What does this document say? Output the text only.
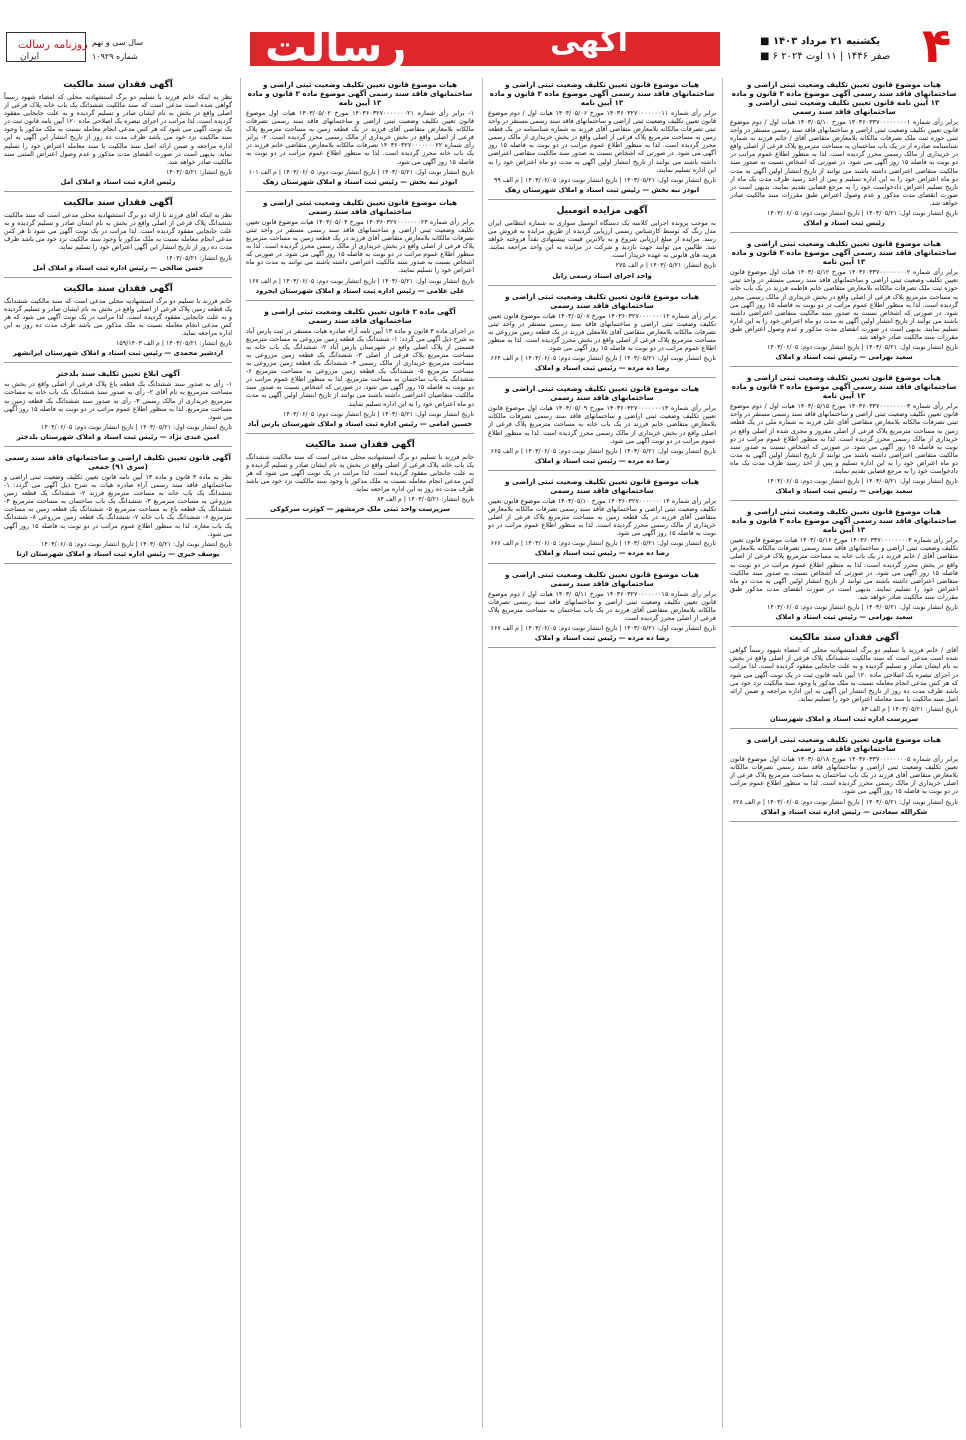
روزنامه رسالت
ایران
سال سی و نهم
شماره ۱۰۹۲۹	رسالت	آگهی	■ یکشنبه ۲۱ مرداد ۱۴۰۳
■ ۶ صفر ۱۴۴۶ | ۱۱ اوت ۲۰۲۴ ۴
هیات موضوع قانون تعیین تکلیف وضعیت ثبتی اراضی و ساختمانهای فاقد سند رسمی آگهی موضوع ماده ۳ قانون و ماده ۱۳ آیین نامه قانون تعیین تکلیف وضعیت ثبتی اراضی و ساختمانهای فاقد سند رسمی
برابر رأی شماره ۱۴۰۳۶۰۳۳۷۰۰۰۰۰۰۰۰۱ مورخ ۱۴۰۳/۰۵/۱۰ هیات اول / دوم موضوع قانون تعیین تکلیف وضعیت ثبتی اراضی و ساختمانهای فاقد سند رسمی مستقر در واحد ثبتی حوزه ثبت ملک تصرفات مالکانه بلامعارض متقاضی آقای / خانم فرزند به شماره شناسنامه صادره از در یک باب ساختمان به مساحت مترمربع پلاک فرعی از اصلی واقع در خریداری از مالک رسمی محرز گردیده است. لذا به منظور اطلاع عموم مراتب در دو نوبت به فاصله ۱۵ روز آگهی می شود. در صورتی که اشخاص نسبت به صدور سند مالکیت متقاضی اعتراضی داشته باشند می توانند از تاریخ انتشار اولین آگهی به مدت دو ماه اعتراض خود را به این اداره تسلیم و پس از اخذ رسید ظرف مدت یک ماه از تاریخ تسلیم اعتراض دادخواست خود را به مرجع قضایی تقدیم نمایند. بدیهی است در صورت انقضای مدت مذکور و عدم وصول اعتراض طبق مقررات سند مالکیت صادر خواهد شد.
تاریخ انتشار نوبت اول: ۱۴۰۳/۰۵/۲۱ | تاریخ انتشار نوبت دوم: ۱۴۰۳/۰۶/۰۵
رئیس ثبت اسناد و املاک
هیات موضوع قانون تعیین تکلیف وضعیت ثبتی اراضی و ساختمانهای فاقد سند رسمی آگهی موضوع ماده ۳ قانون و ماده ۱۳ آیین نامه
برابر رأی شماره ۱۴۰۳۶۰۳۳۷۰۰۰۰۰۰۰۰۲ مورخ ۱۴۰۳/۰۵/۱۲ هیات اول موضوع قانون تعیین تکلیف وضعیت ثبتی اراضی و ساختمانهای فاقد سند رسمی مستقر در واحد ثبتی حوزه ثبت ملک تصرفات مالکانه بلامعارض متقاضی خانم فاطمه فرزند در یک باب خانه به مساحت مترمربع پلاک فرعی از اصلی واقع در بخش خریداری از مالک رسمی محرز گردیده است. لذا به منظور اطلاع عموم مراتب در دو نوبت به فاصله ۱۵ روز آگهی می شود. در صورتی که اشخاص نسبت به صدور سند مالکیت متقاضی اعتراضی داشته باشند می توانند از تاریخ انتشار اولین آگهی به مدت دو ماه اعتراض خود را به این اداره تسلیم نمایند. بدیهی است در صورت انقضای مدت مذکور و عدم وصول اعتراض طبق مقررات سند مالکیت صادر خواهد شد.
تاریخ انتشار نوبت اول: ۱۴۰۳/۰۵/۲۱ | تاریخ انتشار نوبت دوم: ۱۴۰۳/۰۶/۰۵
سعید بهرامی — رئیس ثبت اسناد و املاک
هیات موضوع قانون تعیین تکلیف وضعیت ثبتی اراضی و ساختمانهای فاقد سند رسمی آگهی موضوع ماده ۳ قانون و ماده ۱۳ آیین نامه
برابر رأی شماره ۱۴۰۳۶۰۳۳۷۰۰۰۰۰۰۰۰۳ مورخ ۱۴۰۳/۰۵/۱۵ هیات اول / دوم موضوع قانون تعیین تکلیف وضعیت ثبتی اراضی و ساختمانهای فاقد سند رسمی مستقر در واحد ثبتی تصرفات مالکانه بلامعارض متقاضی آقای علی فرزند به شماره ملی در یک قطعه زمین به مساحت مترمربع پلاک فرعی از اصلی مفروز و مجزی شده از اصلی واقع در خریداری از مالک رسمی محرز گردیده است. لذا به منظور اطلاع عموم مراتب در دو نوبت به فاصله ۱۵ روز آگهی می شود. در صورتی که اشخاص نسبت به صدور سند مالکیت متقاضی اعتراضی داشته باشند می توانند از تاریخ انتشار اولین آگهی به مدت دو ماه اعتراض خود را به این اداره تسلیم و پس از اخذ رسید ظرف مدت یک ماه دادخواست خود را به مرجع قضایی تقدیم نمایند.
تاریخ انتشار نوبت اول: ۱۴۰۳/۰۵/۲۱ | تاریخ انتشار نوبت دوم: ۱۴۰۳/۰۶/۰۵
سعید بهرامی — رئیس ثبت اسناد و املاک
هیات موضوع قانون تعیین تکلیف وضعیت ثبتی اراضی و ساختمانهای فاقد سند رسمی آگهی موضوع ماده ۳ قانون و ماده ۱۳ آیین نامه
برابر رأی شماره ۱۴۰۳۶۰۳۳۷۰۰۰۰۰۰۰۰۴ مورخ ۱۴۰۳/۰۵/۱۶ هیات موضوع قانون تعیین تکلیف وضعیت ثبتی اراضی و ساختمانهای فاقد سند رسمی تصرفات مالکانه بلامعارض متقاضی آقای / خانم فرزند در یک باب خانه به مساحت مترمربع پلاک فرعی از اصلی واقع در بخش محرز گردیده است. لذا به منظور اطلاع عموم مراتب در دو نوبت به فاصله ۱۵ روز آگهی می شود. در صورتی که اشخاص نسبت به صدور سند مالکیت متقاضی اعتراضی داشته باشند می توانند از تاریخ انتشار اولین آگهی به مدت دو ماه اعتراض خود را تسلیم نمایند. بدیهی است در صورت انقضای مدت مذکور طبق مقررات سند مالکیت صادر خواهد شد.
تاریخ انتشار نوبت اول: ۱۴۰۳/۰۵/۲۱ | تاریخ انتشار نوبت دوم: ۱۴۰۳/۰۶/۰۵
سعید بهرامی — رئیس ثبت اسناد و املاک
آگهی فقدان سند مالکیت
آقای / خانم فرزند با تسلیم دو برگ استشهادیه محلی که امضاء شهود رسماً گواهی شده است مدعی است که سند مالکیت ششدانگ پلاک فرعی از اصلی واقع در بخش به نام ایشان صادر و تسلیم گردیده و به علت جابجایی مفقود گردیده است. لذا مراتب در اجرای تبصره یک اصلاحی ماده ۱۲۰ آیین نامه قانون ثبت در یک نوبت آگهی می شود که هر کس مدعی انجام معامله نسبت به ملک مذکور یا وجود سند مالکیت نزد خود می باشد ظرف مدت ده روز از تاریخ انتشار این آگهی به این اداره مراجعه و ضمن ارائه اصل سند مالکیت یا سند معامله اعتراض خود را تسلیم نماید.
تاریخ انتشار: ۱۴۰۳/۰۵/۲۱ | م الف ۸۳
سرپرست اداره ثبت اسناد و املاک شهرستان
هیات موضوع قانون تعیین تکلیف وضعیت ثبتی اراضی و ساختمانهای فاقد سند رسمی
برابر رأی شماره ۱۴۰۳۶۰۳۳۷۰۰۰۰۰۰۰۰۵ مورخ ۱۴۰۳/۰۵/۱۸ هیات اول موضوع قانون تعیین تکلیف وضعیت ثبتی اراضی و ساختمانهای فاقد سند رسمی تصرفات مالکانه بلامعارض متقاضی آقای فرزند در یک باب ساختمان به مساحت مترمربع پلاک فرعی از اصلی خریداری از مالک رسمی محرز گردیده است. لذا به منظور اطلاع عموم مراتب در دو نوبت به فاصله ۱۵ روز آگهی می شود.
تاریخ انتشار نوبت اول: ۱۴۰۳/۰۵/۲۱ | تاریخ انتشار نوبت دوم: ۱۴۰۳/۰۶/۰۵ | م الف ۶۲۸
شکرالله سعادتی — رئیس اداره ثبت اسناد و املاک
هیات موضوع قانون تعیین تکلیف وضعیت ثبتی اراضی و ساختمانهای فاقد سند رسمی آگهی موضوع ماده ۳ قانون و ماده ۱۳ آیین نامه
برابر رأی شماره ۱۴۰۳۶۰۳۲۷۰۰۰۰۰۰۰۱۱ مورخ ۱۴۰۳/۰۵/۰۶ هیات اول / دوم موضوع قانون تعیین تکلیف وضعیت ثبتی اراضی و ساختمانهای فاقد سند رسمی مستقر در واحد ثبتی تصرفات مالکانه بلامعارض متقاضی آقای فرزند به شماره شناسنامه در یک قطعه زمین به مساحت مترمربع پلاک فرعی از اصلی واقع در بخش خریداری از مالک رسمی محرز گردیده است. لذا به منظور اطلاع عموم مراتب در دو نوبت به فاصله ۱۵ روز آگهی می شود. در صورتی که اشخاص نسبت به صدور سند مالکیت متقاضی اعتراضی داشته باشند می توانند از تاریخ انتشار اولین آگهی به مدت دو ماه اعتراض خود را به این اداره تسلیم نمایند.
تاریخ انتشار نوبت اول: ۱۴۰۳/۰۵/۲۱ | تاریخ انتشار نوبت دوم: ۱۴۰۳/۰۶/۰۵ | م الف ۹۹
ابوذر نبه بخش — رئیس ثبت اسناد و املاک شهرستان زهک
آگهی مزایده اتومبیل
به موجب پرونده اجرایی کلاسه یک دستگاه اتومبیل سواری به شماره انتظامی ایران مدل رنگ که توسط کارشناس رسمی ارزیابی گردیده از طریق مزایده به فروش می رسد. مزایده از مبلغ ارزیابی شروع و به بالاترین قیمت پیشنهادی نقداً فروخته خواهد شد. طالبین می توانند جهت بازدید و شرکت در مزایده به این واحد مراجعه نمایند. هزینه های قانونی به عهده خریدار است.
تاریخ انتشار: ۱۴۰۳/۰۵/۲۱ | م الف ۲۷۵
واحد اجرای اسناد رسمی زابل
هیات موضوع قانون تعیین تکلیف وضعیت ثبتی اراضی و ساختمانهای فاقد سند رسمی
برابر رأی شماره ۱۴۰۳۶۰۳۲۷۰۰۰۰۰۰۰۱۲ مورخ ۱۴۰۳/۰۵/۰۸ هیات موضوع قانون تعیین تکلیف وضعیت ثبتی اراضی و ساختمانهای فاقد سند رسمی مستقر در واحد ثبتی تصرفات مالکانه بلامعارض متقاضی آقای غلامعلی فرزند در یک قطعه زمین مزروعی به مساحت مترمربع پلاک فرعی از اصلی واقع در بخش محرز گردیده است. لذا به منظور اطلاع عموم مراتب در دو نوبت به فاصله ۱۵ روز آگهی می شود.
تاریخ انتشار نوبت اول: ۱۴۰۳/۰۵/۲۱ | تاریخ انتشار نوبت دوم: ۱۴۰۳/۰۶/۰۵ | م الف ۶۶۴
رضا ده مرده — رئیس ثبت اسناد و املاک
هیات موضوع قانون تعیین تکلیف وضعیت ثبتی اراضی و ساختمانهای فاقد سند رسمی
برابر رأی شماره ۱۴۰۳۶۰۳۲۷۰۰۰۰۰۰۰۱۳ مورخ ۱۴۰۳/۰۵/۰۹ هیات اول موضوع قانون تعیین تکلیف وضعیت ثبتی اراضی و ساختمانهای فاقد سند رسمی تصرفات مالکانه بلامعارض متقاضی خانم فرزند در یک باب خانه به مساحت مترمربع پلاک فرعی از اصلی واقع در بخش خریداری از مالک رسمی محرز گردیده است. لذا به منظور اطلاع عموم مراتب در دو نوبت آگهی می شود.
تاریخ انتشار نوبت اول: ۱۴۰۳/۰۵/۲۱ | تاریخ انتشار نوبت دوم: ۱۴۰۳/۰۶/۰۵ | م الف ۶۶۵
رضا ده مرده — رئیس ثبت اسناد و املاک
هیات موضوع قانون تعیین تکلیف وضعیت ثبتی اراضی و ساختمانهای فاقد سند رسمی
برابر رأی شماره ۱۴۰۳۶۰۳۲۷۰۰۰۰۰۰۰۱۴ مورخ ۱۴۰۳/۰۵/۱۰ هیات موضوع قانون تعیین تکلیف وضعیت ثبتی اراضی و ساختمانهای فاقد سند رسمی تصرفات مالکانه بلامعارض متقاضی آقای فرزند در یک قطعه زمین به مساحت مترمربع پلاک فرعی از اصلی خریداری از مالک رسمی محرز گردیده است. لذا به منظور اطلاع عموم مراتب در دو نوبت به فاصله ۱۵ روز آگهی می شود.
تاریخ انتشار نوبت اول: ۱۴۰۳/۰۵/۲۱ | تاریخ انتشار نوبت دوم: ۱۴۰۳/۰۶/۰۵ | م الف ۶۶۶
رضا ده مرده — رئیس ثبت اسناد و املاک
هیات موضوع قانون تعیین تکلیف وضعیت ثبتی اراضی و ساختمانهای فاقد سند رسمی
برابر رأی شماره ۱۴۰۳۶۰۳۲۷۰۰۰۰۰۰۰۱۵ مورخ ۱۴۰۳/۰۵/۱۱ هیات اول / دوم موضوع قانون تعیین تکلیف وضعیت ثبتی اراضی و ساختمانهای فاقد سند رسمی تصرفات مالکانه بلامعارض متقاضی آقای فرزند در یک باب ساختمان به مساحت مترمربع پلاک فرعی از اصلی محرز گردیده است.
تاریخ انتشار نوبت اول: ۱۴۰۳/۰۵/۲۱ | تاریخ انتشار نوبت دوم: ۱۴۰۳/۰۶/۰۵ | م الف ۶۶۷
رضا ده مرده — رئیس ثبت اسناد و املاک
هیات موضوع قانون تعیین تکلیف وضعیت ثبتی اراضی و ساختمانهای فاقد سند رسمی آگهی موضوع ماده ۳ قانون و ماده ۱۳ آیین نامه
۱- برابر رأی شماره ۱۴۰۳۶۰۳۲۷۰۰۰۰۰۰۰۲۱ مورخ ۱۴۰۳/۰۵/۰۲ هیات اول موضوع قانون تعیین تکلیف وضعیت ثبتی اراضی و ساختمانهای فاقد سند رسمی تصرفات مالکانه بلامعارض متقاضی آقای فرزند در یک قطعه زمین به مساحت مترمربع پلاک فرعی از اصلی واقع در بخش خریداری از مالک رسمی محرز گردیده است. ۲- برابر رأی شماره ۱۴۰۳۶۰۳۲۷۰۰۰۰۰۰۰۲۲ تصرفات مالکانه بلامعارض متقاضی خانم فرزند در یک باب خانه محرز گردیده است. لذا به منظور اطلاع عموم مراتب در دو نوبت به فاصله ۱۵ روز آگهی می شود.
تاریخ انتشار نوبت اول: ۱۴۰۳/۰۵/۲۱ | تاریخ انتشار نوبت دوم: ۱۴۰۳/۰۶/۰۵ | م الف ۱۰۱
ابوذر نبه بخش — رئیس ثبت اسناد و املاک شهرستان زهک
هیات موضوع قانون تعیین تکلیف وضعیت ثبتی اراضی و ساختمانهای فاقد سند رسمی
برابر رأی شماره ۱۴۰۳۶۰۳۲۷۰۰۰۰۰۰۰۲۳ مورخ ۱۴۰۳/۰۵/۰۴ هیات موضوع قانون تعیین تکلیف وضعیت ثبتی اراضی و ساختمانهای فاقد سند رسمی مستقر در واحد ثبتی تصرفات مالکانه بلامعارض متقاضی آقای فرزند در یک قطعه زمین به مساحت مترمربع پلاک فرعی از اصلی واقع در بخش خریداری از مالک رسمی محرز گردیده است. لذا به منظور اطلاع عموم مراتب در دو نوبت به فاصله ۱۵ روز آگهی می شود. در صورتی که اشخاص نسبت به صدور سند مالکیت اعتراضی داشته باشند می توانند به مدت دو ماه اعتراض خود را تسلیم نمایند.
تاریخ انتشار نوبت اول: ۱۴۰۳/۰۵/۲۱ | تاریخ انتشار نوبت دوم: ۱۴۰۳/۰۶/۰۵ | م الف ۱۶۷
علی غلامی — رئیس اداره ثبت اسناد و املاک شهرستان ایجرود
آگهی ماده ۳ قانون تعیین تکلیف وضعیت ثبتی اراضی و ساختمانهای فاقد سند رسمی
در اجرای ماده ۳ قانون و ماده ۱۳ آیین نامه آراء صادره هیات مستقر در ثبت پارس آباد به شرح ذیل آگهی می گردد: ۱- ششدانگ یک قطعه زمین مزروعی به مساحت مترمربع قسمتی از پلاک اصلی واقع در شهرستان پارس آباد ۲- ششدانگ یک باب خانه به مساحت مترمربع پلاک فرعی از اصلی ۳- ششدانگ یک قطعه زمین مزروعی به مساحت مترمربع خریداری از مالک رسمی ۴- ششدانگ یک قطعه زمین مزروعی به مساحت مترمربع ۵- ششدانگ یک قطعه زمین مزروعی به مساحت مترمربع ۶- ششدانگ یک باب ساختمان به مساحت مترمربع. لذا به منظور اطلاع عموم مراتب در دو نوبت به فاصله ۱۵ روز آگهی می شود. در صورتی که اشخاص نسبت به صدور سند مالکیت متقاضیان اعتراضی داشته باشند می توانند از تاریخ انتشار اولین آگهی به مدت دو ماه اعتراض خود را به این اداره تسلیم نمایند.
تاریخ انتشار نوبت اول: ۱۴۰۳/۰۵/۲۱ | تاریخ انتشار نوبت دوم: ۱۴۰۳/۰۶/۰۵
حسین امامی — رئیس اداره ثبت اسناد و املاک شهرستان پارس آباد
آگهی فقدان سند مالکیت
خانم فرزند با تسلیم دو برگ استشهادیه محلی مدعی است که سند مالکیت ششدانگ یک باب خانه پلاک فرعی از اصلی واقع در بخش به نام ایشان صادر و تسلیم گردیده و به علت جابجایی مفقود گردیده است. لذا مراتب در یک نوبت آگهی می شود که هر کس مدعی انجام معامله نسبت به ملک مذکور یا وجود سند مالکیت نزد خود می باشد ظرف مدت ده روز به این اداره مراجعه نماید.
تاریخ انتشار: ۱۴۰۳/۰۵/۲۱ | م الف ۸۴
سرپرست واحد ثبتی ملک خرمشهر — کوثرت سرکوکی
آگهی فقدان سند مالکیت
نظر به اینکه خانم فرزند با تسلیم دو برگ استشهادیه محلی که امضاء شهود رسماً گواهی شده است مدعی است که سند مالکیت ششدانگ یک باب خانه پلاک فرعی از اصلی واقع در بخش به نام ایشان صادر و تسلیم گردیده و به علت جابجایی مفقود گردیده است. لذا مراتب در اجرای تبصره یک اصلاحی ماده ۱۲۰ آیین نامه قانون ثبت در یک نوبت آگهی می شود که هر کس مدعی انجام معامله نسبت به ملک مذکور یا وجود سند مالکیت نزد خود می باشد ظرف مدت ده روز از تاریخ انتشار این آگهی به این اداره مراجعه و ضمن ارائه اصل سند مالکیت یا سند معامله اعتراض خود را تسلیم نماید. بدیهی است در صورت انقضای مدت مذکور و عدم وصول اعتراض المثنی سند مالکیت صادر خواهد شد.
تاریخ انتشار: ۱۴۰۳/۰۵/۲۱
رئیس اداره ثبت اسناد و املاک آمل
آگهی فقدان سند مالکیت
نظر به اینکه آقای فرزند با ارائه دو برگ استشهادیه محلی مدعی است که سند مالکیت ششدانگ پلاک فرعی از اصلی واقع در بخش به نام ایشان صادر و تسلیم گردیده و به علت جابجایی مفقود گردیده است. لذا مراتب در یک نوبت آگهی می شود تا هر کس مدعی انجام معامله نسبت به ملک مذکور یا وجود سند مالکیت نزد خود می باشد ظرف مدت ده روز از تاریخ انتشار این آگهی اعتراض خود را تسلیم نماید.
تاریخ انتشار: ۱۴۰۳/۰۵/۲۱
حسن صالحی — رئیس اداره ثبت اسناد و املاک آمل
آگهی فقدان سند مالکیت
خانم فرزند با تسلیم دو برگ استشهادیه محلی مدعی است که سند مالکیت ششدانگ یک قطعه زمین پلاک فرعی از اصلی واقع در بخش به نام ایشان صادر و تسلیم گردیده و به علت جابجایی مفقود گردیده است. لذا مراتب در یک نوبت آگهی می شود که هر کس مدعی انجام معامله نسبت به ملک مذکور می باشد ظرف مدت ده روز به این اداره مراجعه نماید.
تاریخ انتشار: ۱۴۰۳/۰۵/۲۱ | م الف ۱۵۹/۱۴۰۳
اردشیر محمدی — رئیس ثبت اسناد و املاک شهرستان ایرانشهر
آگهی ابلاغ تعیین تکلیف سند بلدختر
۱- رأی به صدور سند ششدانگ یک قطعه باغ پلاک فرعی از اصلی واقع در بخش به مساحت مترمربع به نام آقای ۲- رأی به صدور سند ششدانگ یک باب خانه به مساحت مترمربع خریداری از مالک رسمی ۳- رأی به صدور سند ششدانگ یک قطعه زمین به مساحت مترمربع. لذا به منظور اطلاع عموم مراتب در دو نوبت به فاصله ۱۵ روز آگهی می شود.
تاریخ انتشار نوبت اول: ۱۴۰۳/۰۵/۲۱ | تاریخ انتشار نوبت دوم: ۱۴۰۳/۰۶/۰۵
امین عبدی نژاد — رئیس ثبت اسناد و املاک شهرستان بلدختر
آگهی قانون تعیین تکلیف اراضی و ساختمانهای فاقد سند رسمی (سری ۹۱) جمعی
نظر به ماده ۳ قانون و ماده ۱۳ آیین نامه قانون تعیین تکلیف وضعیت ثبتی اراضی و ساختمانهای فاقد سند رسمی آراء صادره هیات به شرح ذیل آگهی می گردد: ۱- ششدانگ یک باب خانه به مساحت مترمربع فرزند ۲- ششدانگ یک قطعه زمین مزروعی به مساحت مترمربع ۳- ششدانگ یک باب ساختمان به مساحت مترمربع ۴- ششدانگ یک قطعه باغ به مساحت مترمربع ۵- ششدانگ یک قطعه زمین به مساحت مترمربع ۶- ششدانگ یک باب خانه ۷- ششدانگ یک قطعه زمین مزروعی ۸- ششدانگ یک باب مغازه. لذا به منظور اطلاع عموم مراتب در دو نوبت به فاصله ۱۵ روز آگهی می شود.
تاریخ انتشار نوبت اول: ۱۴۰۳/۰۵/۲۱ | تاریخ انتشار نوبت دوم: ۱۴۰۳/۰۶/۰۵
یوسف خیری — رئیس اداره ثبت اسناد و املاک شهرستان ازنا
